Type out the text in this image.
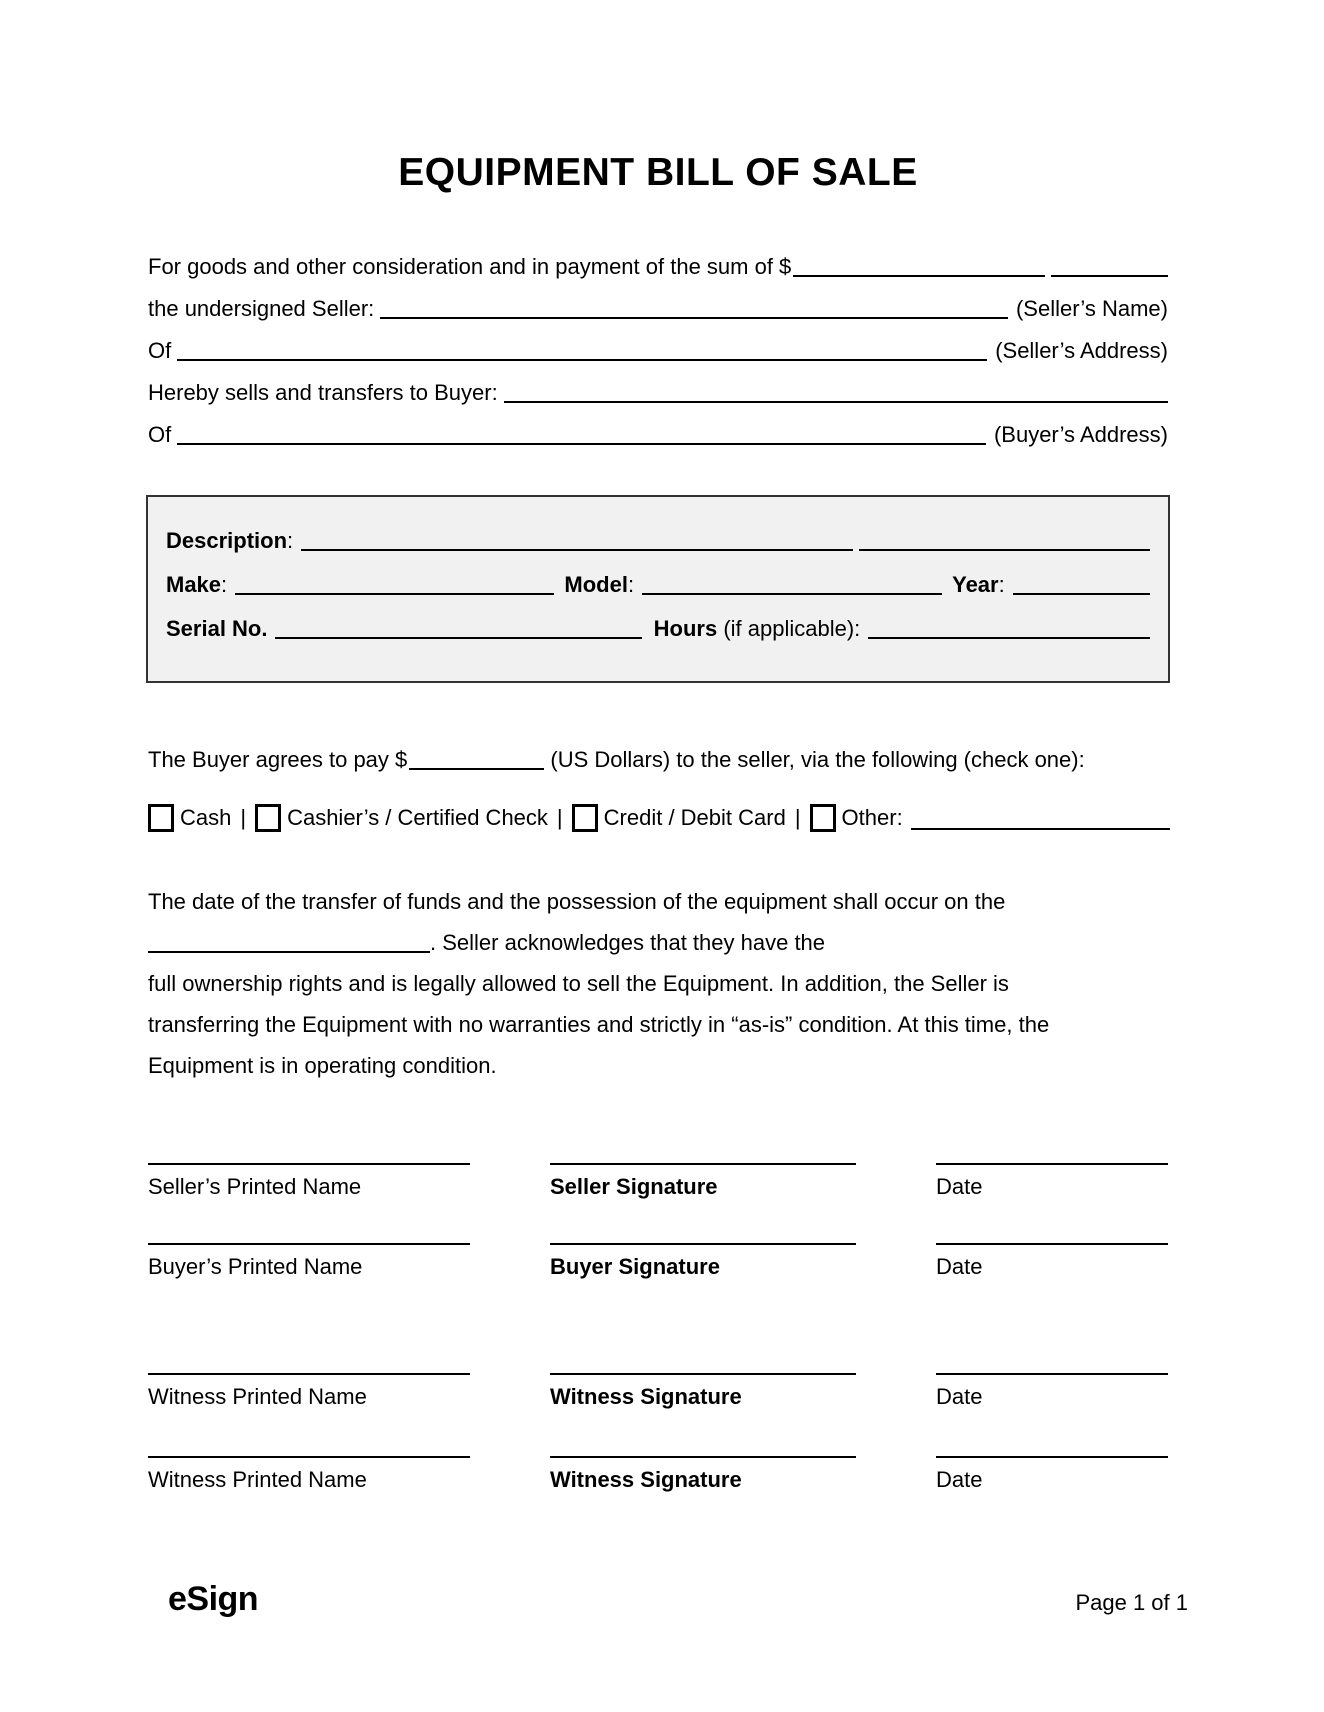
EQUIPMENT BILL OF SALE
For goods and other consideration and in payment of the sum of $
the undersigned Seller:	(Seller’s Name)
Of	(Seller’s Address)
Hereby sells and transfers to Buyer:
Of	(Buyer’s Address)
Description :
Make :	Model :	Year :
Serial No.	Hours (if applicable):
The Buyer agrees to pay $	(US Dollars) to the seller, via the following (check one):
Cash | Cashier’s / Certified Check | Credit / Debit Card | Other:
The date of the transfer of funds and the possession of the equipment shall occur on the
. Seller acknowledges that they have the
full ownership rights and is legally allowed to sell the Equipment. In addition, the Seller is
transferring the Equipment with no warranties and strictly in “as-is” condition. At this time, the
Equipment is in operating condition.
Seller’s Printed Name	Seller Signature	Date
Buyer’s Printed Name	Buyer Signature	Date
Witness Printed Name	Witness Signature	Date
Witness Printed Name	Witness Signature	Date
eSign	Page 1 of 1
